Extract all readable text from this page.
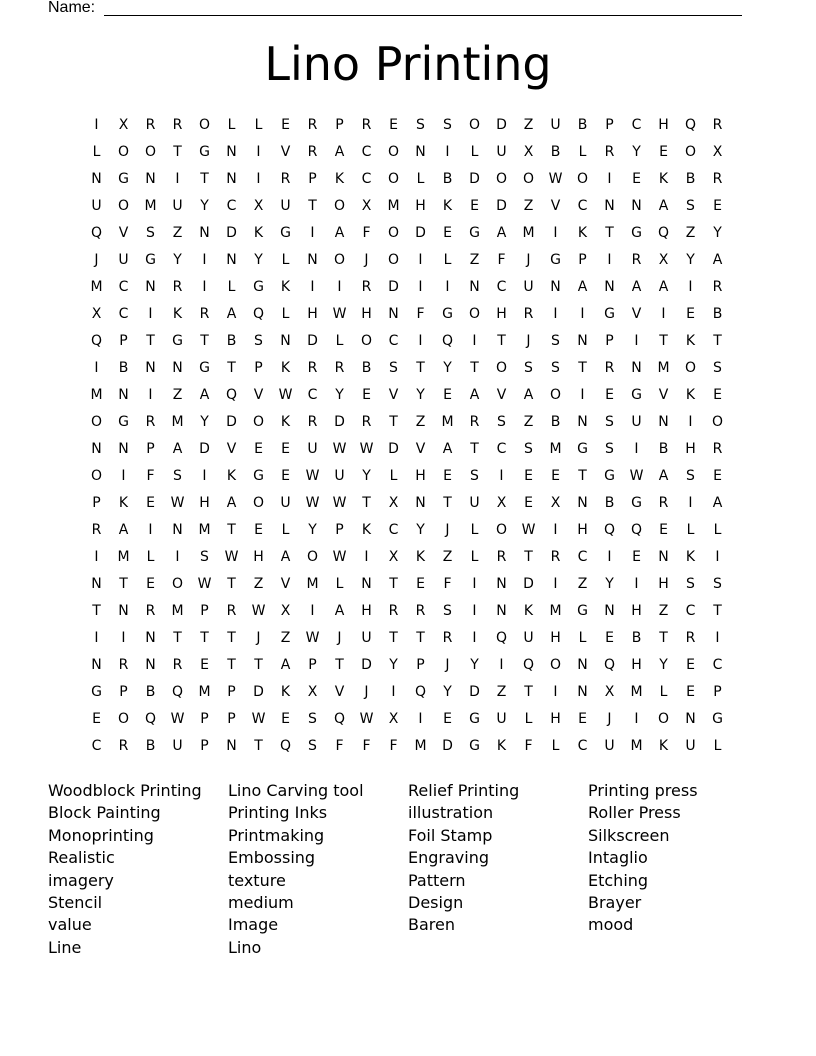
Name:
Lino Printing
I	X	R	R	O	L	L	E	R	P	R	E	S	S	O	D	Z	U	B	P	C	H	Q	R
L	O	O	T	G	N	I	V	R	A	C	O	N	I	L	U	X	B	L	R	Y	E	O	X
N	G	N	I	T	N	I	R	P	K	C	O	L	B	D	O	O	W	O	I	E	K	B	R
U	O	M	U	Y	C	X	U	T	O	X	M	H	K	E	D	Z	V	C	N	N	A	S	E
Q	V	S	Z	N	D	K	G	I	A	F	O	D	E	G	A	M	I	K	T	G	Q	Z	Y
J	U	G	Y	I	N	Y	L	N	O	J	O	I	L	Z	F	J	G	P	I	R	X	Y	A
M	C	N	R	I	L	G	K	I	I	R	D	I	I	N	C	U	N	A	N	A	A	I	R
X	C	I	K	R	A	Q	L	H	W	H	N	F	G	O	H	R	I	I	G	V	I	E	B
Q	P	T	G	T	B	S	N	D	L	O	C	I	Q	I	T	J	S	N	P	I	T	K	T
I	B	N	N	G	T	P	K	R	R	B	S	T	Y	T	O	S	S	T	R	N	M	O	S
M	N	I	Z	A	Q	V	W	C	Y	E	V	Y	E	A	V	A	O	I	E	G	V	K	E
O	G	R	M	Y	D	O	K	R	D	R	T	Z	M	R	S	Z	B	N	S	U	N	I	O
N	N	P	A	D	V	E	E	U	W W	D	V	A	T	C	S	M	G	S	I	B	H	R
O	I	F	S	I	K	G	E	W	U	Y	L	H	E	S	I	E	E	T	G	W	A	S	E
P	K	E	W	H	A	O	U	W W	T	X	N	T	U	X	E	X	N	B	G	R	I	A
R	A	I	N	M	T	E	L	Y	P	K	C	Y	J	L	O	W	I	H	Q	Q	E	L	L
I	M	L	I	S	W	H	A	O	W	I	X	K	Z	L	R	T	R	C	I	E	N	K	I
N	T	E	O	W	T	Z	V	M	L	N	T	E	F	I	N	D	I	Z	Y	I	H	S	S
T	N	R	M	P	R	W	X	I	A	H	R	R	S	I	N	K	M	G	N	H	Z	C	T
I	I	N	T	T	T	J	Z	W	J	U	T	T	R	I	Q	U	H	L	E	B	T	R	I
N	R	N	R	E	T	T	A	P	T	D	Y	P	J	Y	I	Q	O	N	Q	H	Y	E	C
G	P	B	Q	M	P	D	K	X	V	J	I	Q	Y	D	Z	T	I	N	X	M	L	E	P
E	O	Q	W	P	P	W	E	S	Q	W	X	I	E	G	U	L	H	E	J	I	O	N	G
C	R	B	U	P	N	T	Q	S	F	F	F	M	D	G	K	F	L	C	U	M	K	U	L
Woodblock Printing
Block Painting
Monoprinting
Realistic
imagery
Stencil
value
Line
Lino Carving tool
Printing Inks
Printmaking
Embossing
texture
medium
Image
Lino
Relief Printing
illustration
Foil Stamp
Engraving
Pattern
Design
Baren
Printing press
Roller Press
Silkscreen
Intaglio
Etching
Brayer
mood
